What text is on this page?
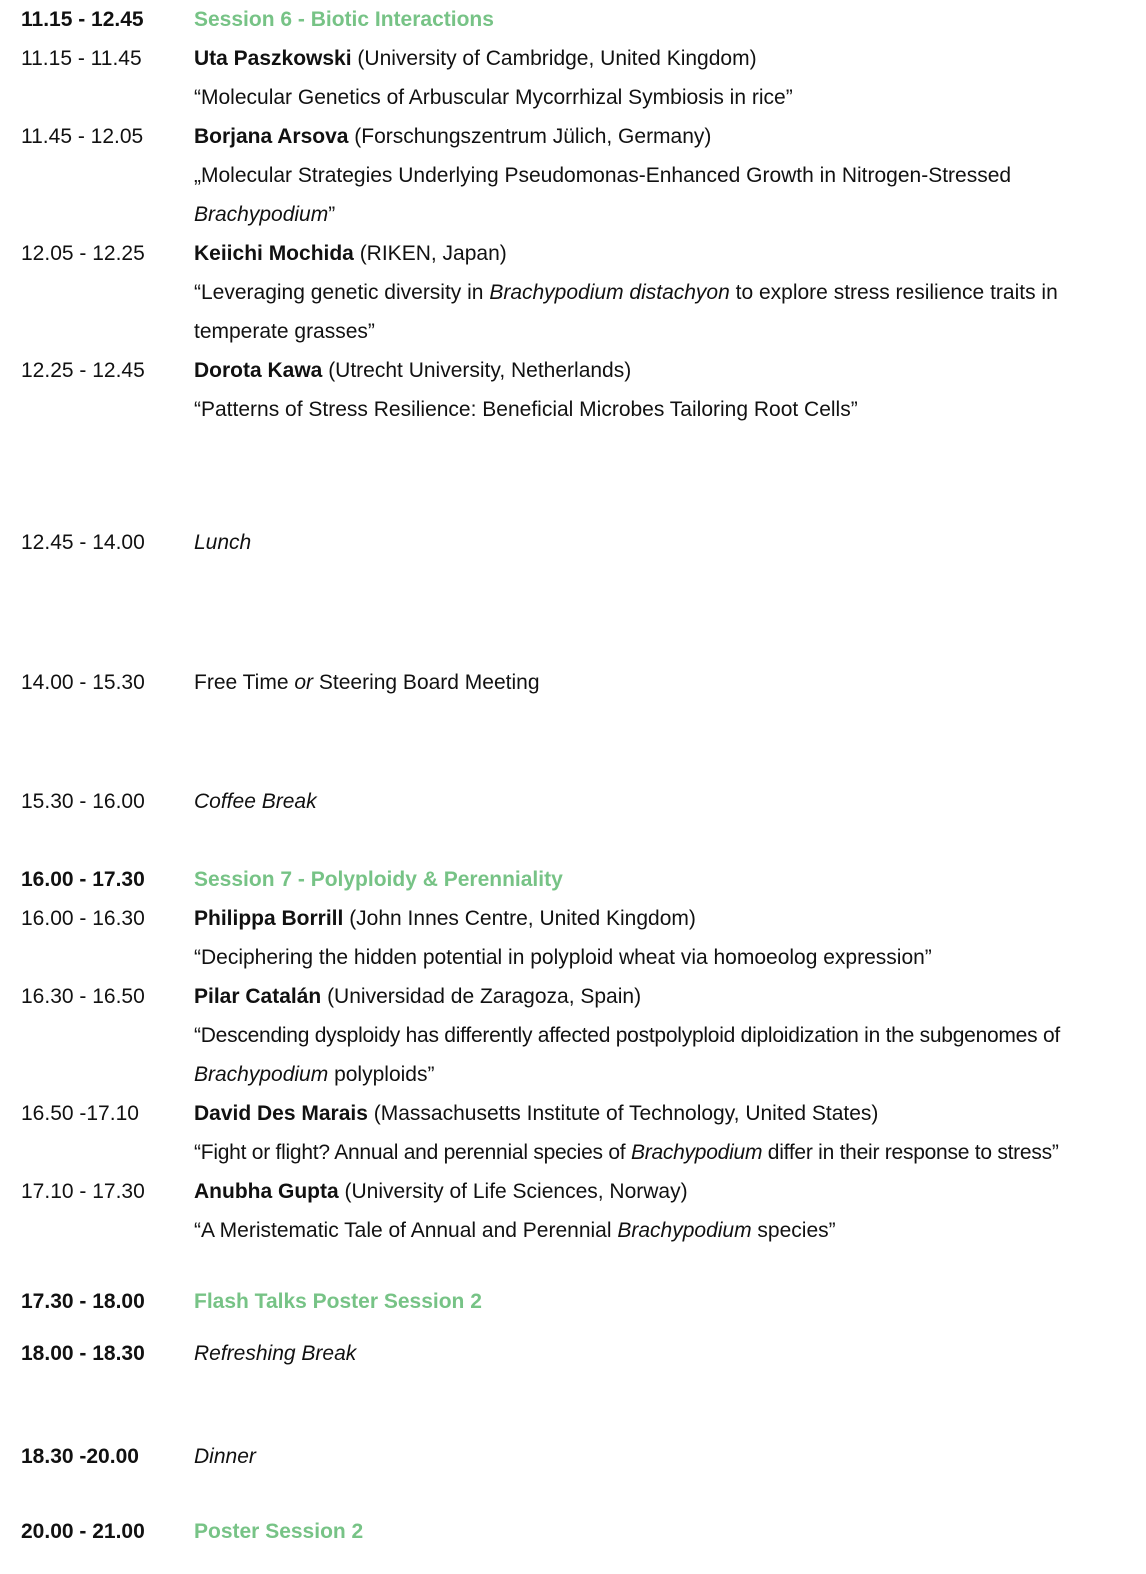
11.15 - 12.45 Session 6 - Biotic Interactions
11.15 - 11.45 Uta Paszkowski (University of Cambridge, United Kingdom)
“Molecular Genetics of Arbuscular Mycorrhizal Symbiosis in rice”
11.45 - 12.05 Borjana Arsova (Forschungszentrum Jülich, Germany)
„Molecular Strategies Underlying Pseudomonas-Enhanced Growth in Nitrogen-Stressed
Brachypodium”
12.05 - 12.25 Keiichi Mochida (RIKEN, Japan)
“Leveraging genetic diversity in Brachypodium distachyon to explore stress resilience traits in
temperate grasses”
12.25 - 12.45 Dorota Kawa (Utrecht University, Netherlands)
“Patterns of Stress Resilience: Beneficial Microbes Tailoring Root Cells”
12.45 - 14.00 Lunch
14.00 - 15.30 Free Time or Steering Board Meeting
15.30 - 16.00 Coffee Break
16.00 - 17.30 Session 7 - Polyploidy & Perenniality
16.00 - 16.30 Philippa Borrill (John Innes Centre, United Kingdom)
“Deciphering the hidden potential in polyploid wheat via homoeolog expression”
16.30 - 16.50 Pilar Catalán (Universidad de Zaragoza, Spain)
“Descending dysploidy has differently affected postpolyploid diploidization in the subgenomes of
Brachypodium polyploids”
16.50 -17.10	David Des Marais (Massachusetts Institute of Technology, United States)
“Fight or flight? Annual and perennial species of Brachypodium differ in their response to stress”
17.10 - 17.30 Anubha Gupta (University of Life Sciences, Norway)
“A Meristematic Tale of Annual and Perennial Brachypodium species”
17.30 - 18.00 Flash Talks Poster Session 2
18.00 - 18.30 Refreshing Break
18.30 -20.00	Dinner
20.00 - 21.00 Poster Session 2
